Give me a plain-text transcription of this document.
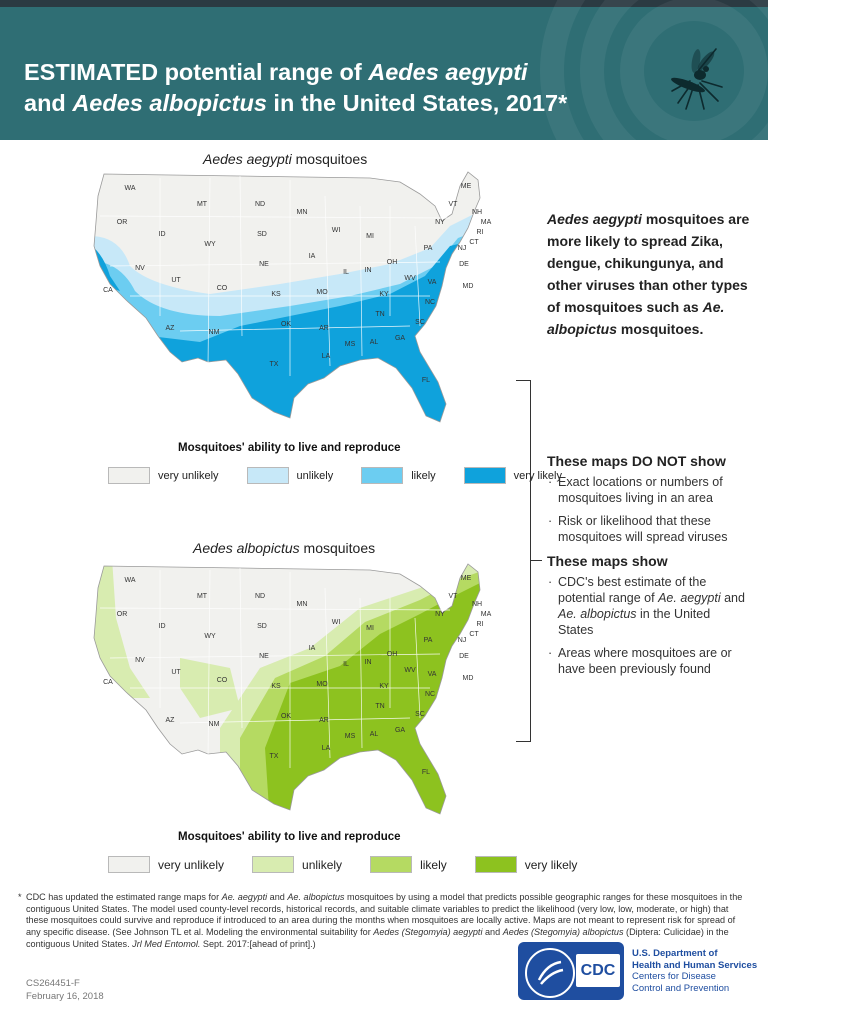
ESTIMATED potential range of Aedes aegypti
and Aedes albopictus in the United States, 2017*
Aedes aegypti mosquitoes
WA
OR
CA
ID
NV
MT
WY
UT
AZ
CO
NM
ND
SD
NE
KS
OK
TX
MN
IA
MO
AR
LA
WI
IL
MI
IN
OH
KY
TN
MS AL
GA
FL
SC
NC
VA
WV
PA
NY
VT
NH
ME
MA
RI
CT
NJ
DE
MD
Mosquitoes' ability to live and reproduce
very unlikely	unlikely	likely	very likely
Aedes albopictus mosquitoes
WA
OR
CA
ID
NV
MT
WY
UT
AZ
CO
NM
ND
SD
NE
KS
OK
TX
MN
IA
MO
AR
LA
WI
IL
MI
IN
OH
KY
TN
MS AL
GA
FL
SC
NC
VA
WV
PA
NY
VT
NH
ME
MA
RI
CT
NJ
DE
MD
Mosquitoes' ability to live and reproduce
very unlikely	unlikely	likely	very likely
Aedes aegypti mosquitoes are more likely to spread Zika, dengue, chikungunya, and other viruses than other types of mosquitoes such as Ae. albopictus mosquitoes.
These maps DO NOT show
· Exact locations or numbers of mosquitoes living in an area
· Risk or likelihood that these mosquitoes will spread viruses
These maps show
· CDC's best estimate of the potential range of Ae. aegypti and Ae. albopictus in the United States
· Areas where mosquitoes are or have been previously found
* CDC has updated the estimated range maps for Ae. aegypti and Ae. albopictus mosquitoes by using a model that predicts possible geographic ranges for these mosquitoes in the contiguous United States. The model used county-level records, historical records, and suitable climate variables to predict the likelihood (very low, low, moderate, or high) that these mosquitoes could survive and reproduce if introduced to an area during the months when mosquitoes are locally active. Maps are not meant to represent risk for spread of any specific disease. (See Johnson TL et al. Modeling the environmental suitability for Aedes (Stegomyia) aegypti and Aedes (Stegomyia) albopictus (Diptera: Culicidae) in the contiguous United States. Jrl Med Entomol. Sept. 2017:[ahead of print].)
CS264451-F
February 16, 2018
CDC
U.S. Department of
Health and Human Services
Centers for Disease
Control and Prevention
